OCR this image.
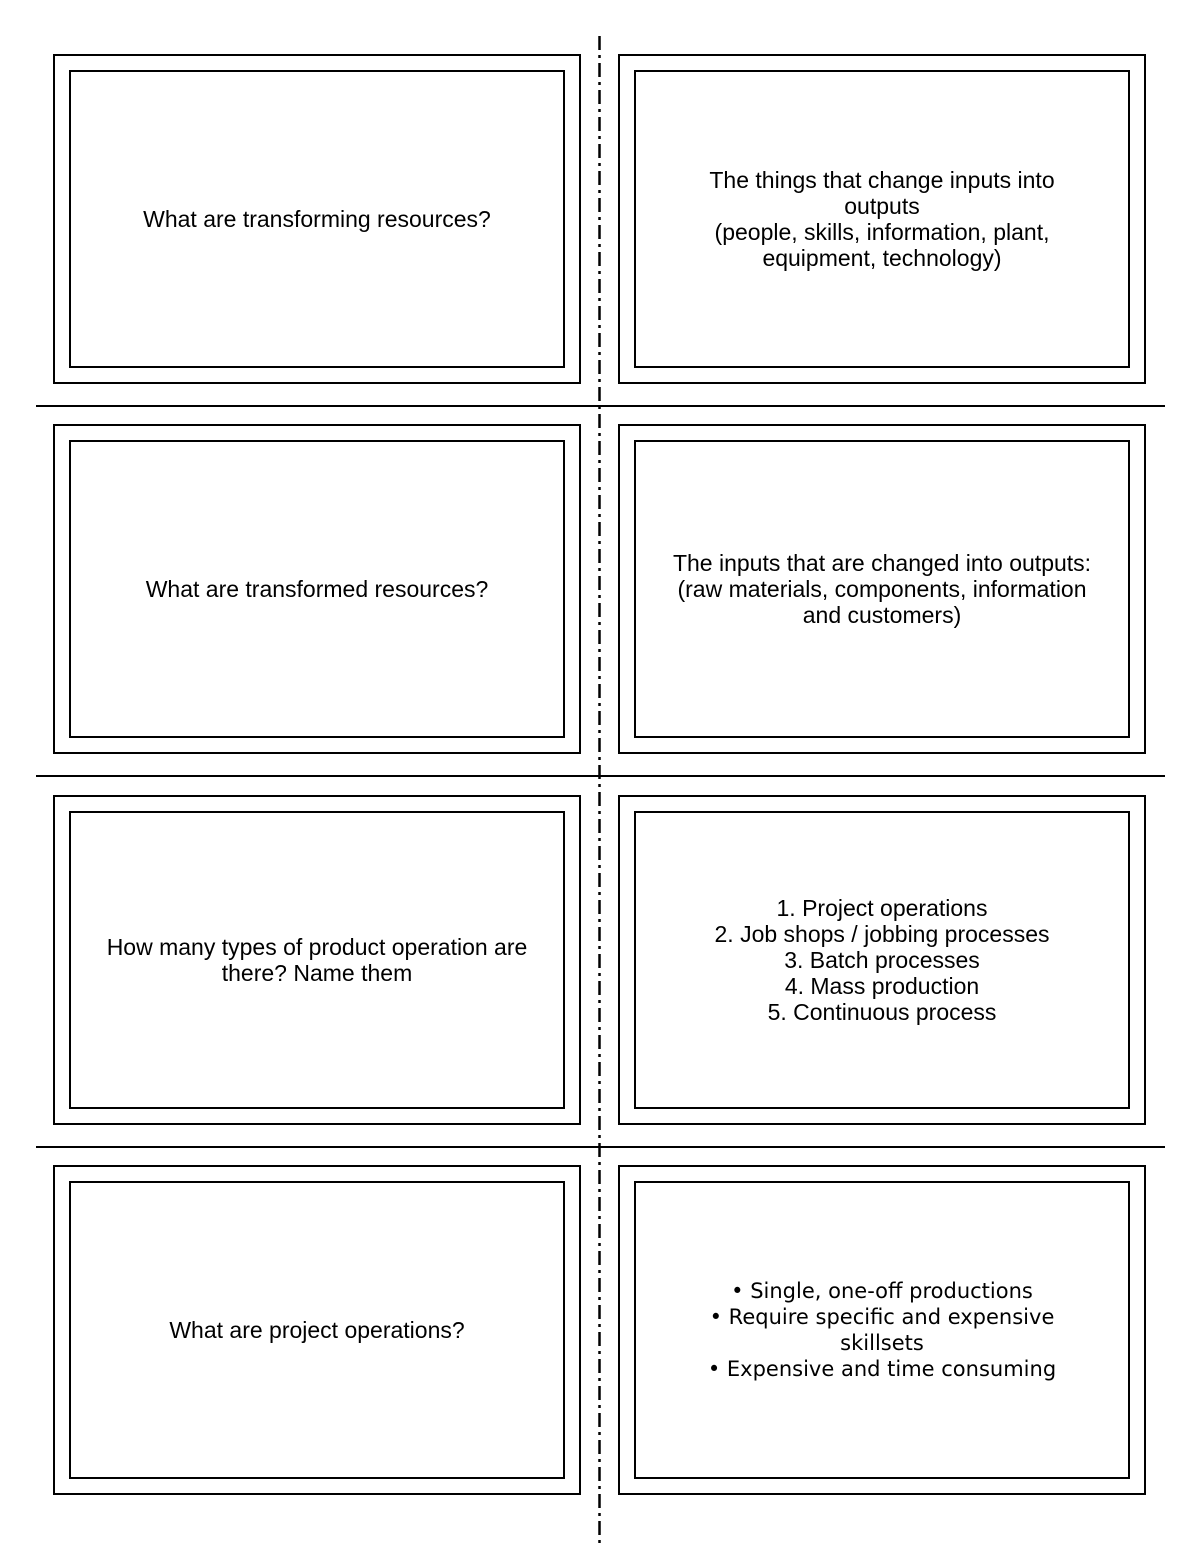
What are transforming resources?
The things that change inputs into
outputs
(people, skills, information, plant,
equipment, technology)
What are transformed resources?
The inputs that are changed into outputs:
(raw materials, components, information
and customers)
How many types of product operation are
there? Name them
1. Project operations
2. Job shops / jobbing processes
3. Batch processes
4. Mass production
5. Continuous process
What are project operations?
• Single, one-off productions
• Require specific and expensive
skillsets
• Expensive and time consuming
